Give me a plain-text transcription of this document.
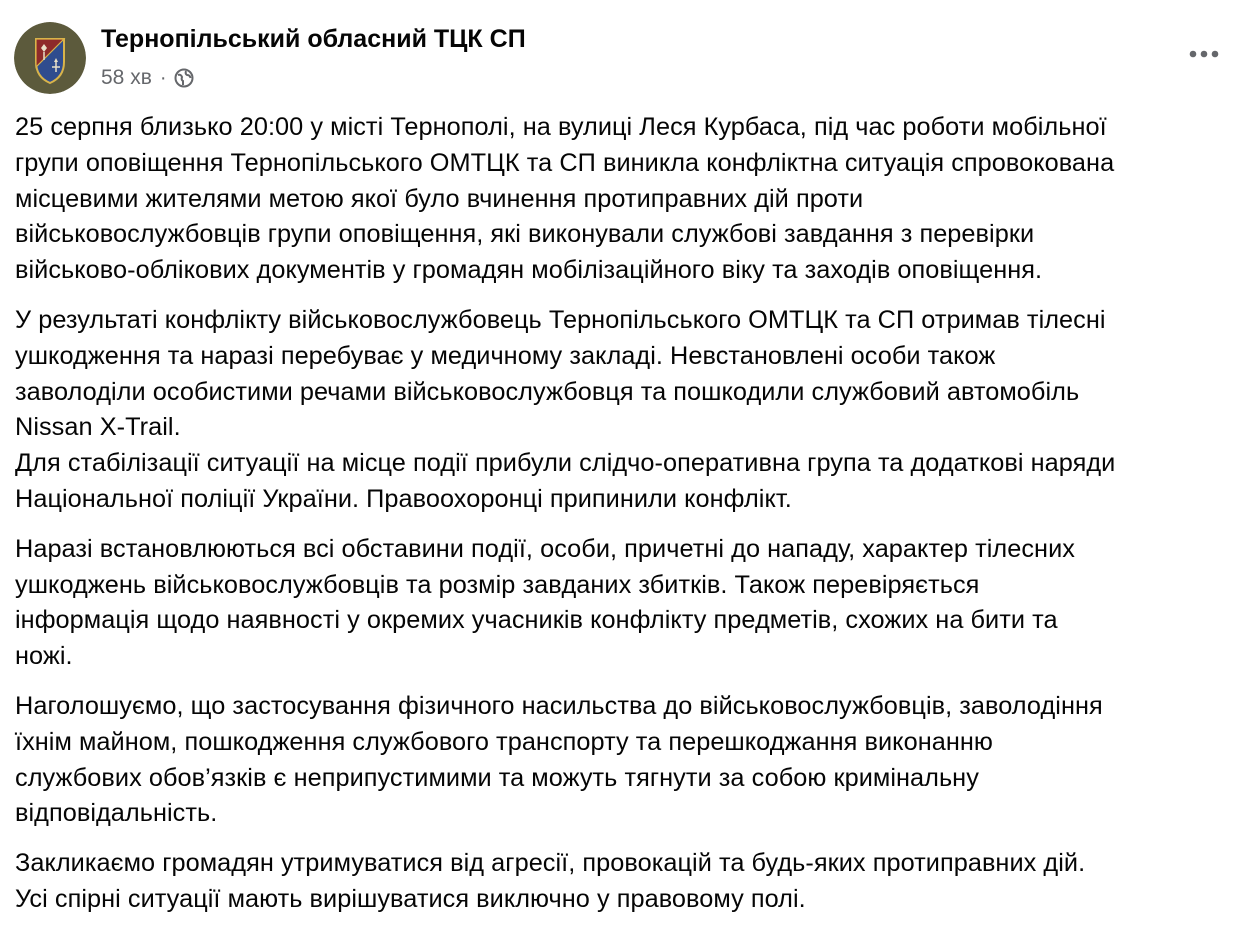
Тернопільський обласний ТЦК СП
58 хв ·
25 серпня близько 20:00 у місті Тернополі, на вулиці Леся Курбаса, під час роботи мобільної
групи оповіщення Тернопільського ОМТЦК та СП виникла конфліктна ситуація спровокована
місцевими жителями метою якої було вчинення протиправних дій проти
військовослужбовців групи оповіщення, які виконували службові завдання з перевірки
військово-облікових документів у громадян мобілізаційного віку та заходів оповіщення.
У результаті конфлікту військовослужбовець Тернопільського ОМТЦК та СП отримав тілесні
ушкодження та наразі перебуває у медичному закладі. Невстановлені особи також
заволоділи особистими речами військовослужбовця та пошкодили службовий автомобіль
Nissan X-Trail.
Для стабілізації ситуації на місце події прибули слідчо-оперативна група та додаткові наряди
Національної поліції України. Правоохоронці припинили конфлікт.
Наразі встановлюються всі обставини події, особи, причетні до нападу, характер тілесних
ушкоджень військовослужбовців та розмір завданих збитків. Також перевіряється
інформація щодо наявності у окремих учасників конфлікту предметів, схожих на бити та
ножі.
Наголошуємо, що застосування фізичного насильства до військовослужбовців, заволодіння
їхнім майном, пошкодження службового транспорту та перешкоджання виконанню
службових обов’язків є неприпустимими та можуть тягнути за собою кримінальну
відповідальність.
Закликаємо громадян утримуватися від агресії, провокацій та будь-яких протиправних дій.
Усі спірні ситуації мають вирішуватися виключно у правовому полі.
